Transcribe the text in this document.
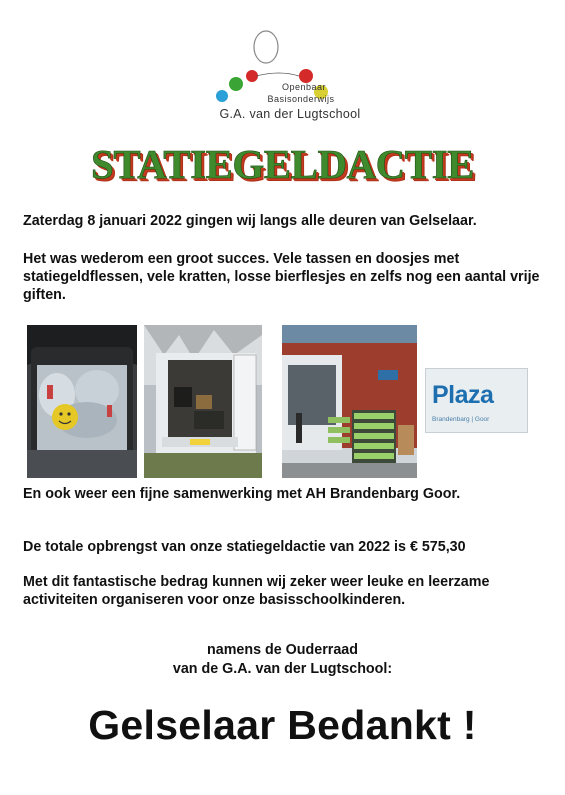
Openbaar
Basisonderwijs
G.A. van der Lugtschool
STATIEGELDACTIE
Zaterdag 8 januari 2022 gingen wij langs alle deuren van Gelselaar.
Het was wederom een groot succes. Vele tassen en doosjes met statiegeldflessen, vele kratten, losse bierflesjes en zelfs nog een aantal vrije giften.
Plaza
Brandenbarg | Goor
En ook weer een fijne samenwerking met AH Brandenbarg Goor.
De totale opbrengst van onze statiegeldactie van 2022 is € 575,30
Met dit fantastische bedrag kunnen wij zeker weer leuke en leerzame activiteiten organiseren voor onze basisschoolkinderen.
namens de Ouderraad
van de G.A. van der Lugtschool:
Gelselaar Bedankt !
